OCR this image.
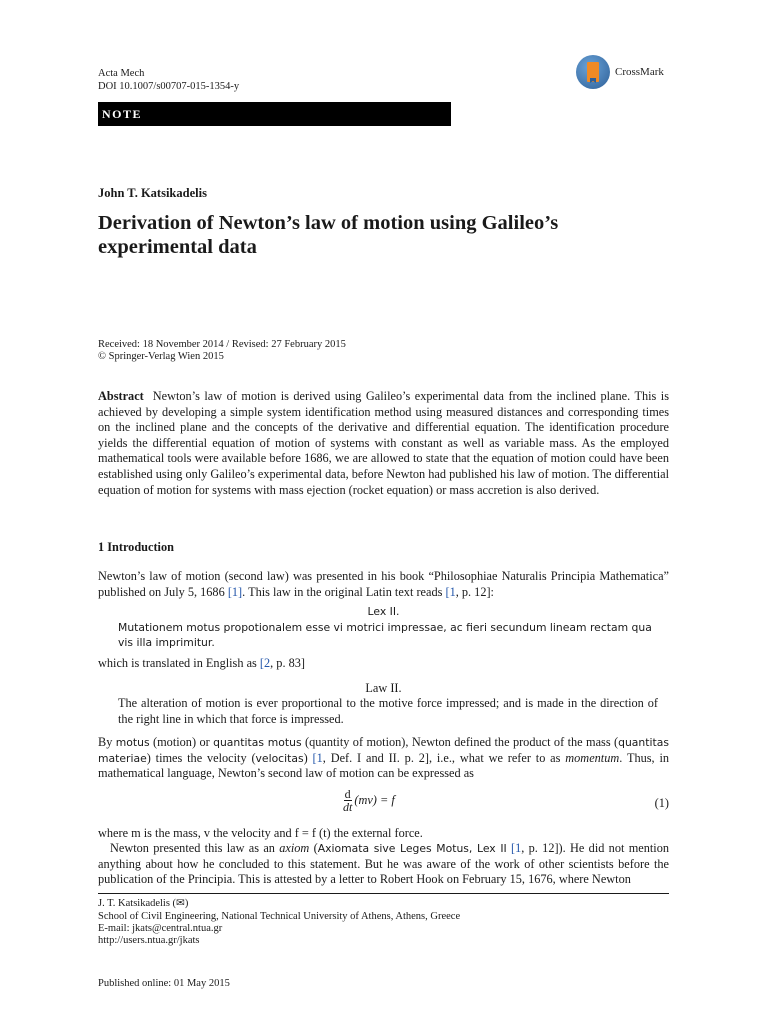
Acta Mech
DOI 10.1007/s00707-015-1354-y
CrossMark
NOTE
John T. Katsikadelis
Derivation of Newton’s law of motion using Galileo’s experimental data
Received: 18 November 2014 / Revised: 27 February 2015
© Springer-Verlag Wien 2015
Abstract Newton’s law of motion is derived using Galileo’s experimental data from the inclined plane. This is achieved by developing a simple system identification method using measured distances and corresponding times on the inclined plane and the concepts of the derivative and differential equation. The identification procedure yields the differential equation of motion of systems with constant as well as variable mass. As the employed mathematical tools were available before 1686, we are allowed to state that the equation of motion could have been established using only Galileo’s experimental data, before Newton had published his law of motion. The differential equation of motion for systems with mass ejection (rocket equation) or mass accretion is also derived.
1 Introduction
Newton’s law of motion (second law) was presented in his book “Philosophiae Naturalis Principia Mathematica” published on July 5, 1686 [1]. This law in the original Latin text reads [1, p. 12]:
Lex II.
Mutationem motus propotionalem esse vi motrici impressae, ac fieri secundum lineam rectam qua vis illa imprimitur.
which is translated in English as [2, p. 83]
Law II.
The alteration of motion is ever proportional to the motive force impressed; and is made in the direction of the right line in which that force is impressed.
By motus (motion) or quantitas motus (quantity of motion), Newton defined the product of the mass (quantitas materiae) times the velocity (velocitas) [1, Def. I and II. p. 2], i.e., what we refer to as momentum. Thus, in mathematical language, Newton’s second law of motion can be expressed as
$\frac{d}{dt} (mv) = f$	(1)
where m is the mass, v the velocity and f = f (t) the external force.
Newton presented this law as an axiom (Axiomata sive Leges Motus, Lex II [1, p. 12]). He did not mention anything about how he concluded to this statement. But he was aware of the work of other scientists before the publication of the Principia. This is attested by a letter to Robert Hook on February 15, 1676, where Newton
J. T. Katsikadelis (✉)
School of Civil Engineering, National Technical University of Athens, Athens, Greece
E-mail: jkats@central.ntua.gr
http://users.ntua.gr/jkats
Published online: 01 May 2015
